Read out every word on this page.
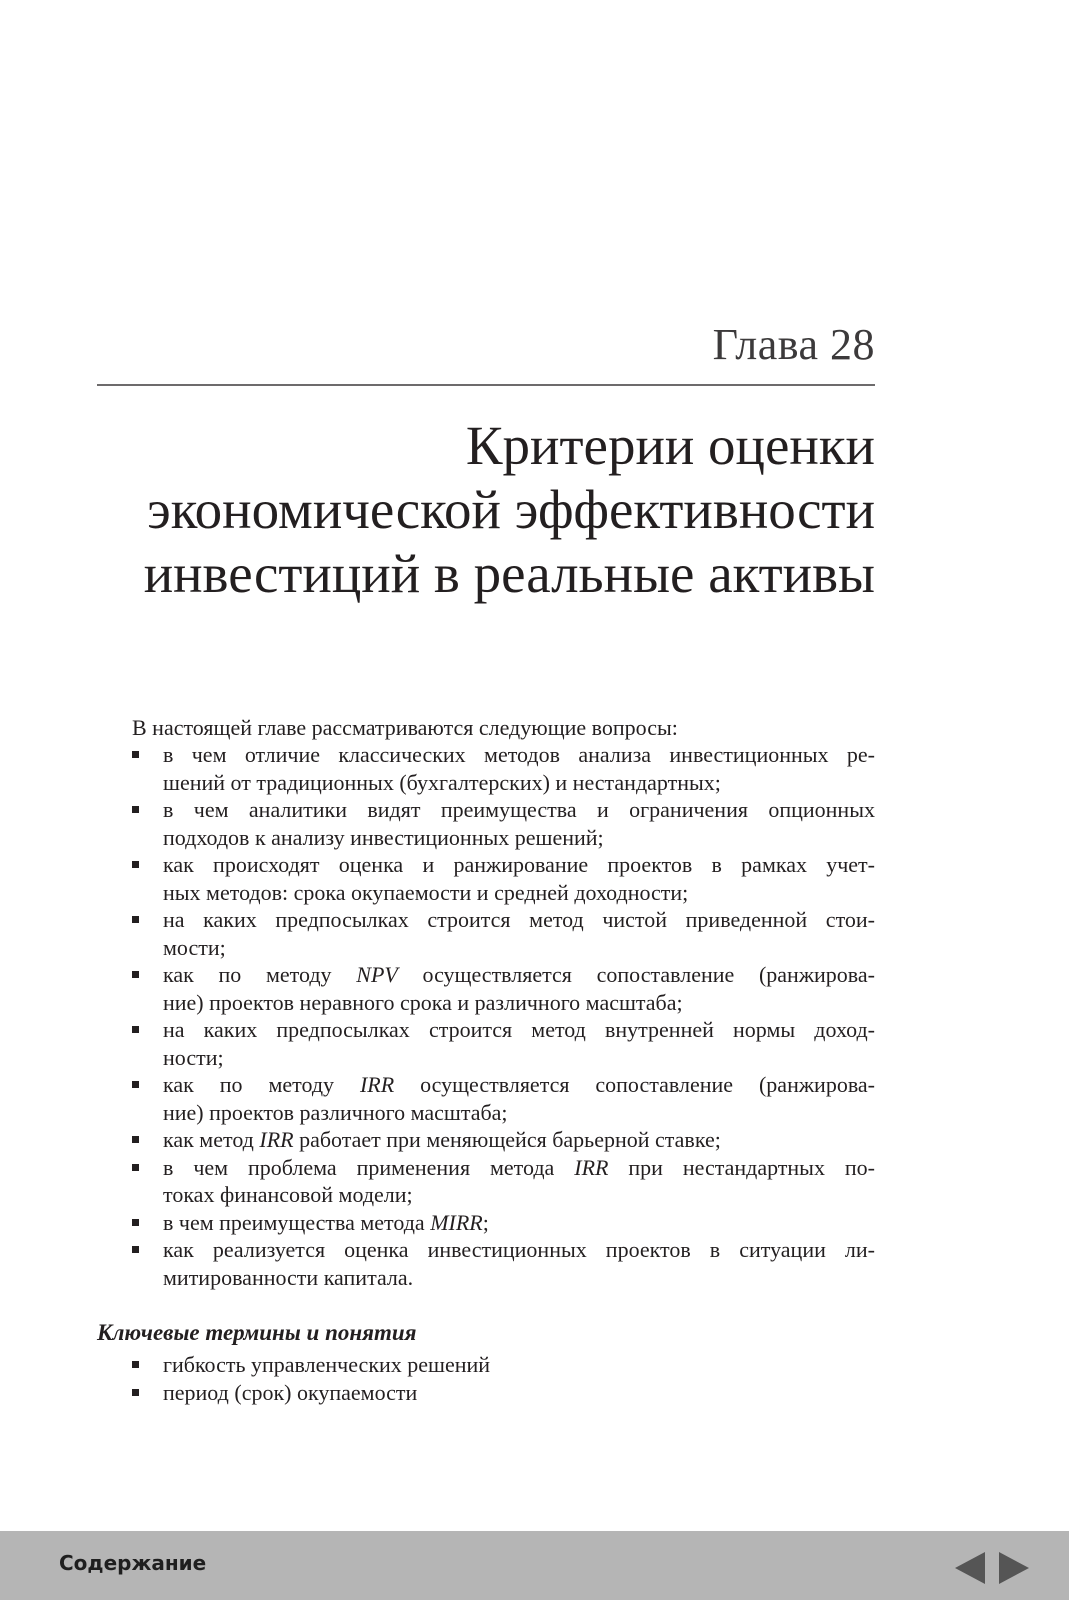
Глава 28
Критерии оценки
экономической эффективности
инвестиций в реальные активы
В настоящей главе рассматриваются следующие вопросы:
в чем отличие классических методов анализа инвестиционных ре-
шений от традиционных (бухгалтерских) и нестандартных;
в чем аналитики видят преимущества и ограничения опционных
подходов к анализу инвестиционных решений;
как происходят оценка и ранжирование проектов в рамках учет-
ных методов: срока окупаемости и средней доходности;
на каких предпосылках строится метод чистой приведенной стои-
мости;
как по методу NPV осуществляется сопоставление (ранжирова-
ние) проектов неравного срока и различного масштаба;
на каких предпосылках строится метод внутренней нормы доход-
ности;
как по методу IRR осуществляется сопоставление (ранжирова-
ние) проектов различного масштаба;
как метод IRR работает при меняющейся барьерной ставке;
в чем проблема применения метода IRR при нестандартных по-
токах финансовой модели;
в чем преимущества метода MIRR;
как реализуется оценка инвестиционных проектов в ситуации ли-
митированности капитала.
Ключевые термины и понятия
гибкость управленческих решений
период (срок) окупаемости
Содержание
